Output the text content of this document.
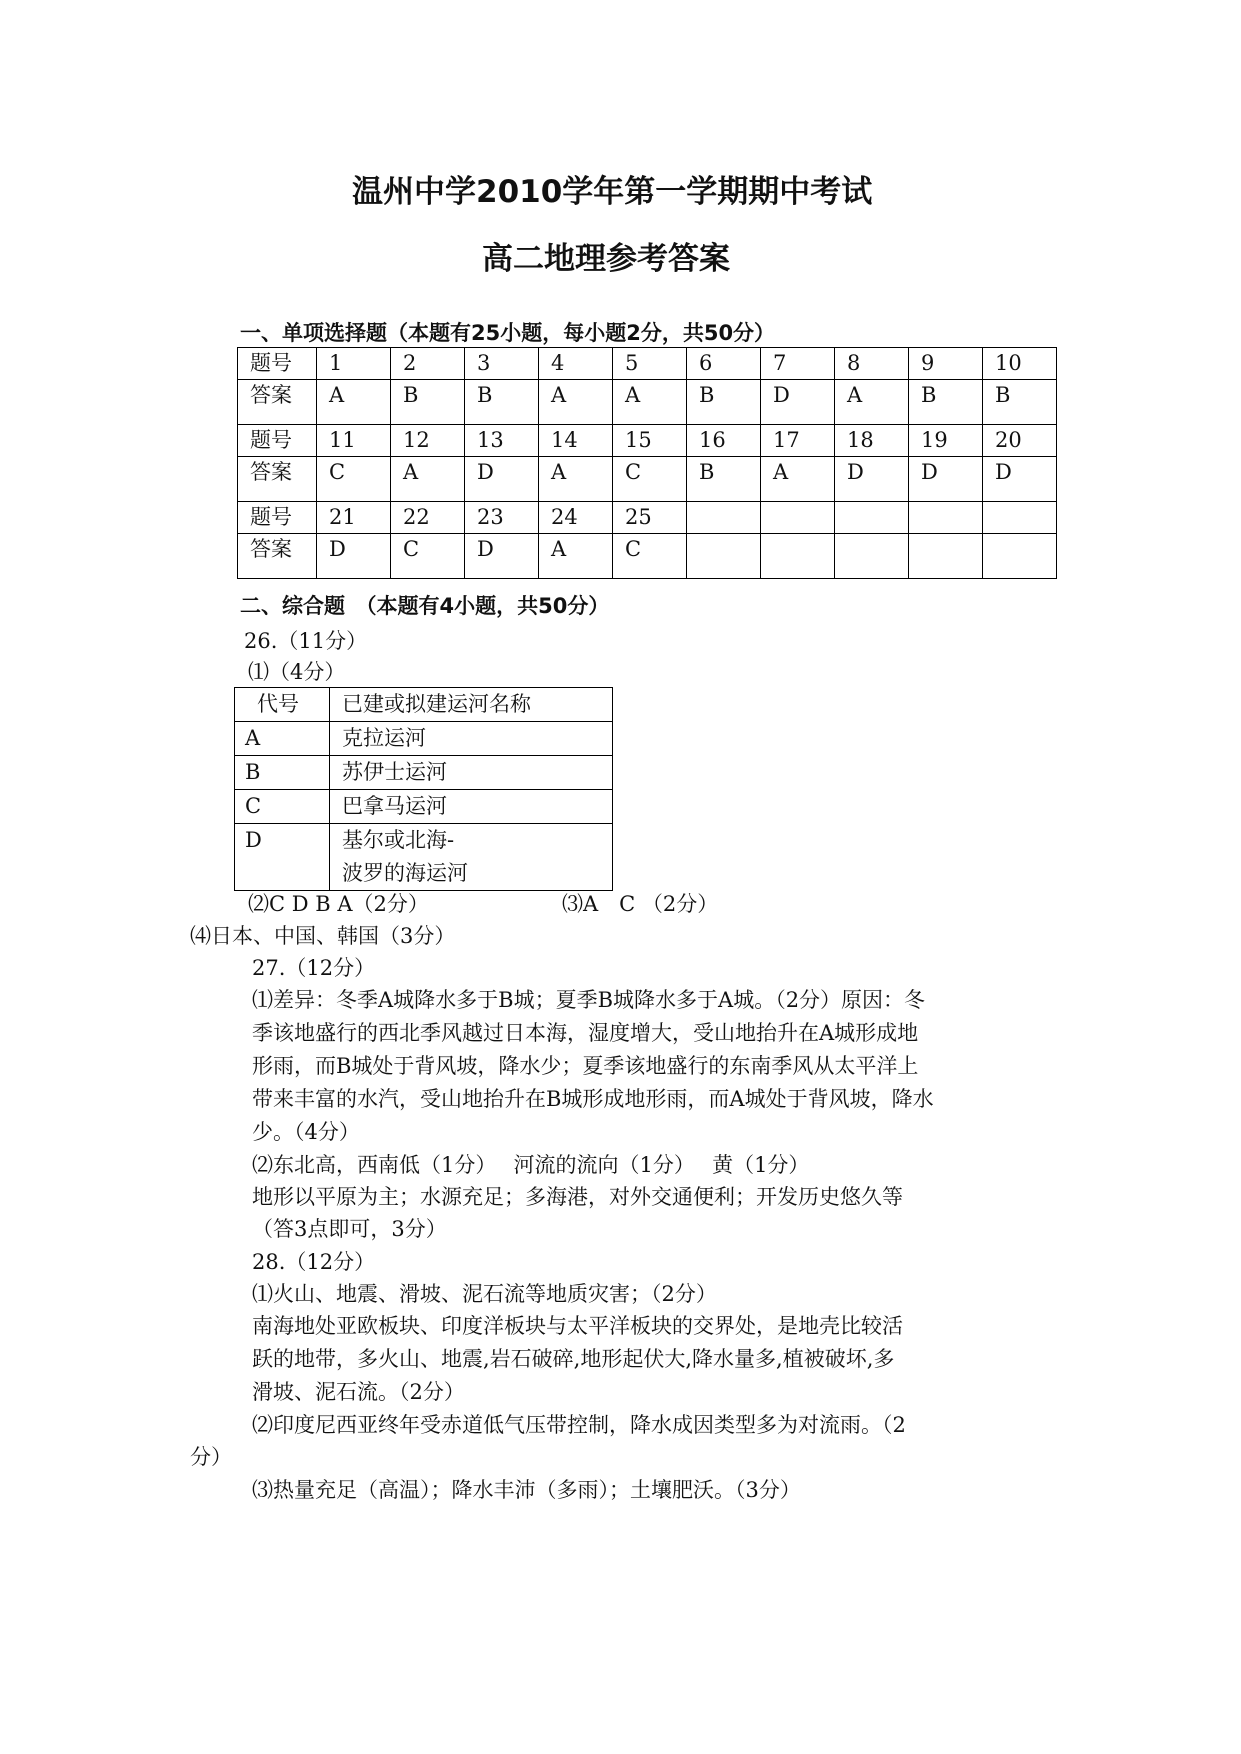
温州中学2010学年第一学期期中考试
高二地理参考答案
一、单项选择题（本题有25小题，每小题2分，共50分）
题号	1	2	3	4	5	6	7	8	9	10
答案	A	B	B	A	A	B	D	A	B	B
题号	11	12	13	14	15	16	17	18	19	20
答案	C	A	D	A	C	B	A	D	D	D
题号	21	22	23	24	25					
答案	D	C	D	A	C					
二、综合题　（本题有4小题，共50分）
26.（11分）
⑴（4分）
代号	已建或拟建运河名称
A	克拉运河
B	苏伊士运河
C	巴拿马运河
D	基尔或北海-
波罗的海运河
⑵C D B A（2分）	⑶A　C （2分）
⑷日本、中国、韩国（3分）
27.（12分）
⑴差异：冬季A城降水多于B城；夏季B城降水多于A城。（2分）原因：冬
季该地盛行的西北季风越过日本海，湿度增大，受山地抬升在A城形成地
形雨，而B城处于背风坡，降水少；夏季该地盛行的东南季风从太平洋上
带来丰富的水汽，受山地抬升在B城形成地形雨，而A城处于背风坡，降水
少。（4分）
⑵东北高，西南低（1分）　 河流的流向（1分）　 黄（1分）
地形以平原为主；水源充足；多海港，对外交通便利；开发历史悠久等
（答3点即可，3分）
28.（12分）
⑴火山、地震、滑坡、泥石流等地质灾害；（2分）
南海地处亚欧板块、印度洋板块与太平洋板块的交界处，是地壳比较活
跃的地带，多火山、地震,岩石破碎,地形起伏大,降水量多,植被破坏,多
滑坡、泥石流。（2分）
⑵印度尼西亚终年受赤道低气压带控制，降水成因类型多为对流雨。（2
分）
⑶热量充足（高温）；降水丰沛（多雨）；土壤肥沃。（3分）
